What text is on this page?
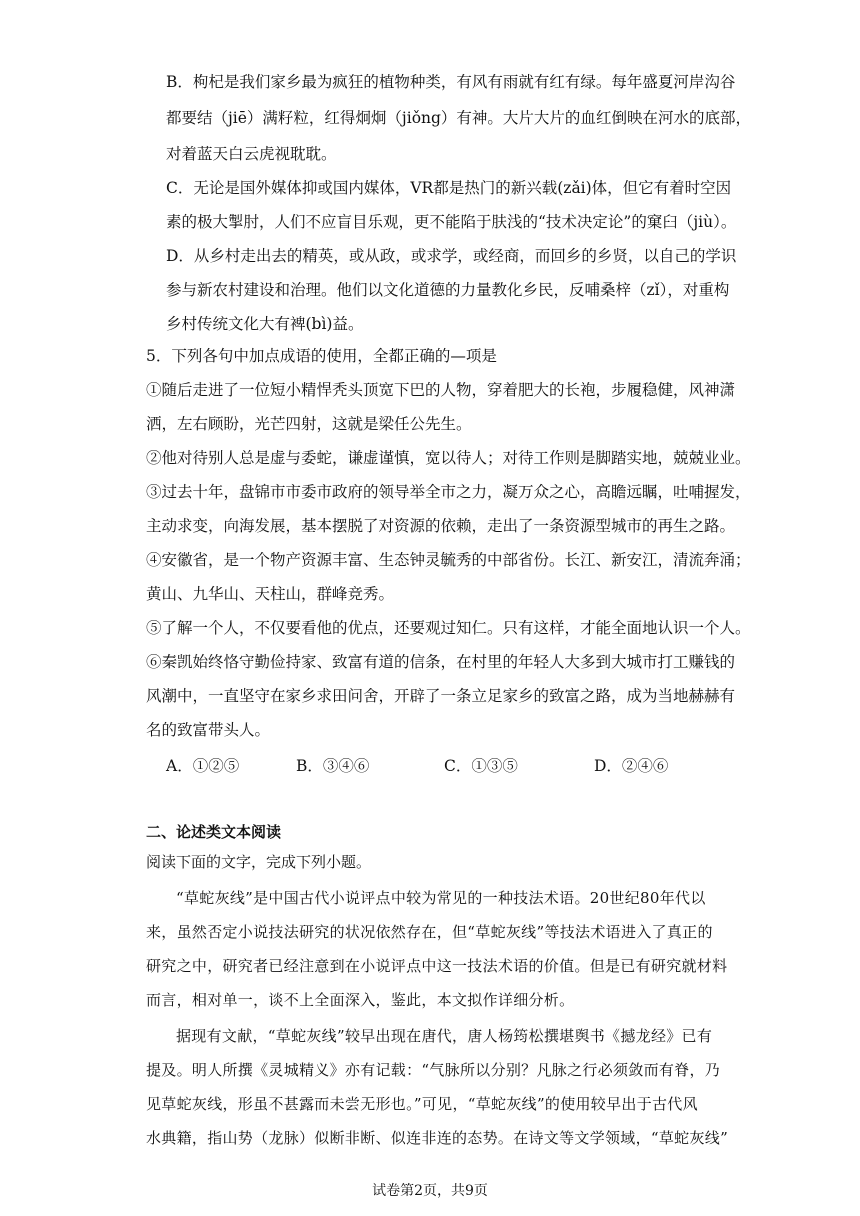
B．枸杞是我们家乡最为疯狂的植物种类，有风有雨就有红有绿。每年盛夏河岸沟谷
都要结（jiē）满籽粒，红得炯炯（jiǒng）有神。大片大片的血红倒映在河水的底部，
对着蓝天白云虎视耽耽。
C．无论是国外媒体抑或国内媒体，VR都是热门的新兴载(zǎi)体，但它有着时空因
素的极大掣肘，人们不应盲目乐观，更不能陷于肤浅的“技术决定论”的窠臼（jiù）。
D．从乡村走出去的精英，或从政，或求学，或经商，而回乡的乡贤，以自己的学识
参与新农村建设和治理。他们以文化道德的力量教化乡民，反哺桑梓（zǐ），对重构
乡村传统文化大有裨(bì)益。
5．下列各句中加点成语的使用，全都正确的—项是
①随后走进了一位短小精悍秃头顶宽下巴的人物，穿着肥大的长袍，步履稳健，风神潇
洒，左右顾盼，光芒四射，这就是梁任公先生。
②他对待别人总是虚与委蛇，谦虚谨慎，宽以待人；对待工作则是脚踏实地，兢兢业业。
③过去十年，盘锦市市委市政府的领导举全市之力，凝万众之心，高瞻远瞩，吐哺握发，
主动求变，向海发展，基本摆脱了对资源的依赖，走出了一条资源型城市的再生之路。
④安徽省，是一个物产资源丰富、生态钟灵毓秀的中部省份。长江、新安江，清流奔涌；
黄山、九华山、天柱山，群峰竞秀。
⑤了解一个人，不仅要看他的优点，还要观过知仁。只有这样，才能全面地认识一个人。
⑥秦凯始终恪守勤俭持家、致富有道的信条，在村里的年轻人大多到大城市打工赚钱的
风潮中，一直坚守在家乡求田问舍，开辟了一条立足家乡的致富之路，成为当地赫赫有
名的致富带头人。
A．①②⑤	B．③④⑥	C．①③⑤	D．②④⑥
“草蛇灰线”是中国古代小说评点中较为常见的一种技法术语。20世纪80年代以
来，虽然否定小说技法研究的状况依然存在，但“草蛇灰线”等技法术语进入了真正的
研究之中，研究者已经注意到在小说评点中这一技法术语的价值。但是已有研究就材料
而言，相对单一，谈不上全面深入，鉴此，本文拟作详细分析。
据现有文献，“草蛇灰线”较早出现在唐代，唐人杨筠松撰堪舆书《撼龙经》已有
提及。明人所撰《灵城精义》亦有记载：“气脉所以分别？凡脉之行必须敛而有脊，乃
见草蛇灰线，形虽不甚露而未尝无形也。”可见，“草蛇灰线”的使用较早出于古代风
水典籍，指山势（龙脉）似断非断、似连非连的态势。在诗文等文学领域，“草蛇灰线”
二、论述类文本阅读
阅读下面的文字，完成下列小题。
试卷第2页，共9页
